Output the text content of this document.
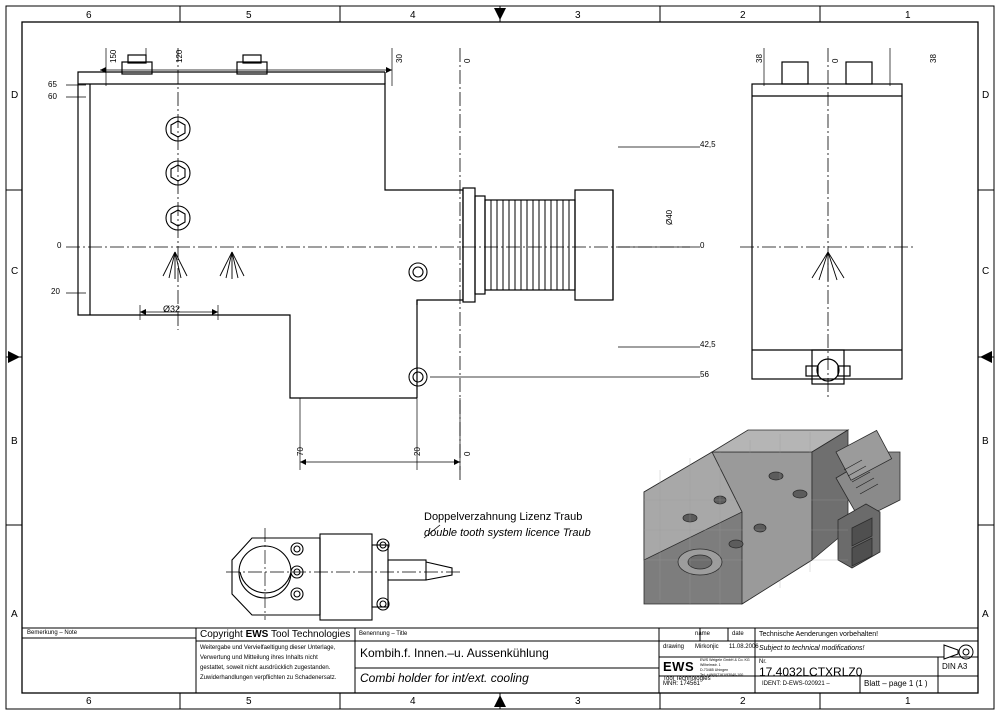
6	5	4	3	2	1
6	5	4	3	2	1
D
C
B
A
D
C
B
A
150	120	30	0
65
60
0
20
42,5
0
42,5
56
Ø32
Ø40
70	20	0
38	0	38
Doppelverzahnung Lizenz Traub
double tooth system licence Traub
Bemerkung – Note	Copyright EWS Tool Technologies
Weitergabe und Vervielfaeltigung dieser Unterlage,
Verwertung und Mitteilung ihres Inhalts nicht
gestattet, soweit nicht ausdrücklich zugestanden.
Zuwiderhandlungen verpflichten zu Schadenersatz.
Benennung – Title
Kombih.f. Innen.–u. Aussenkühlung
Combi holder for int/ext. cooling
name	date
drawing Mirkonjic 11.08.2006
Technische Aenderungen vorbehalten!
Subject to technical modifications!
Nr.
17.4032LCTXRLZ0
EWS
Tool Technologies
EWS Weigele GmbH & Co. KG
Wilhelmstr. 1
D-73485 Uhingen
Tel. +49(0)7161/93040-100
MNR: 174561	IDENT: D-EWS-020921 –	Blatt – page 1 (1 )
DIN A3
